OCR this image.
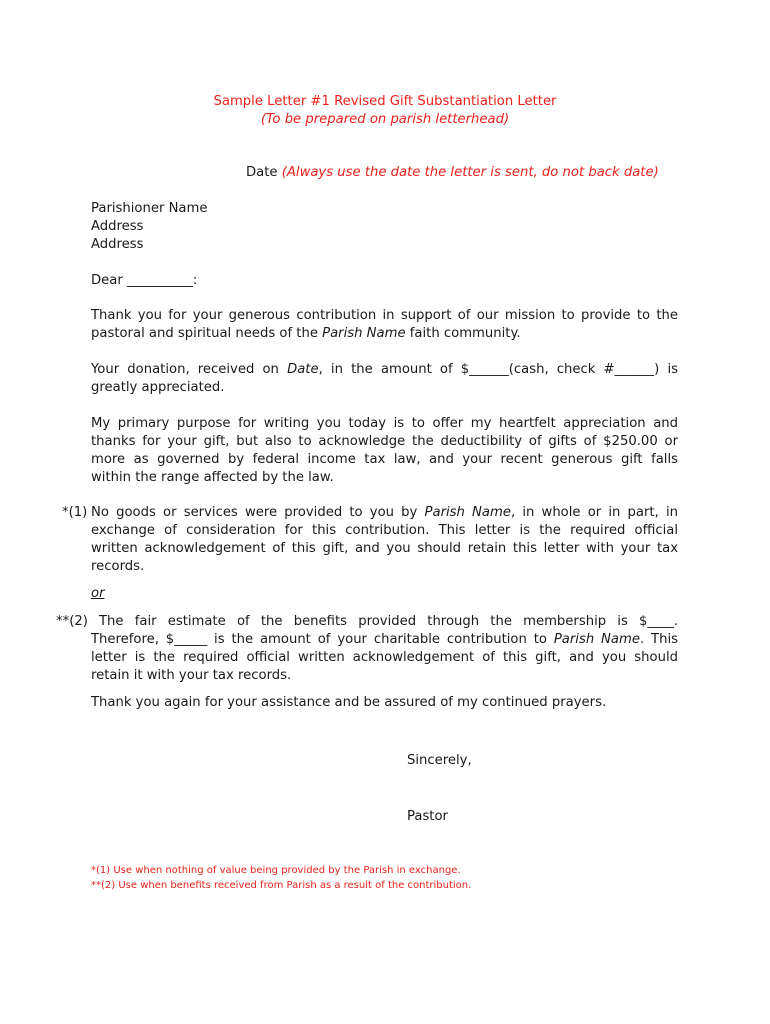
Sample Letter #1 Revised Gift Substantiation Letter
(To be prepared on parish letterhead)
Date (Always use the date the letter is sent, do not back date)
Parishioner Name
Address
Address
Dear __________:
Thank you for your generous contribution in support of our mission to provide to the
pastoral and spiritual needs of the Parish Name faith community.
Your donation, received on Date, in the amount of $______(cash, check #______) is
greatly appreciated.
My primary purpose for writing you today is to offer my heartfelt appreciation and
thanks for your gift, but also to acknowledge the deductibility of gifts of $250.00 or
more as governed by federal income tax law, and your recent generous gift falls
within the range affected by the law.
*(1) No goods or services were provided to you by Parish Name, in whole or in part, in
exchange of consideration for this contribution. This letter is the required official
written acknowledgement of this gift, and you should retain this letter with your tax
records.
or
**(2) The fair estimate of the benefits provided through the membership is $____.
Therefore, $_____ is the amount of your charitable contribution to Parish Name. This
letter is the required official written acknowledgement of this gift, and you should
retain it with your tax records.
Thank you again for your assistance and be assured of my continued prayers.
Sincerely,
Pastor
*(1) Use when nothing of value being provided by the Parish in exchange.
**(2) Use when benefits received from Parish as a result of the contribution.
